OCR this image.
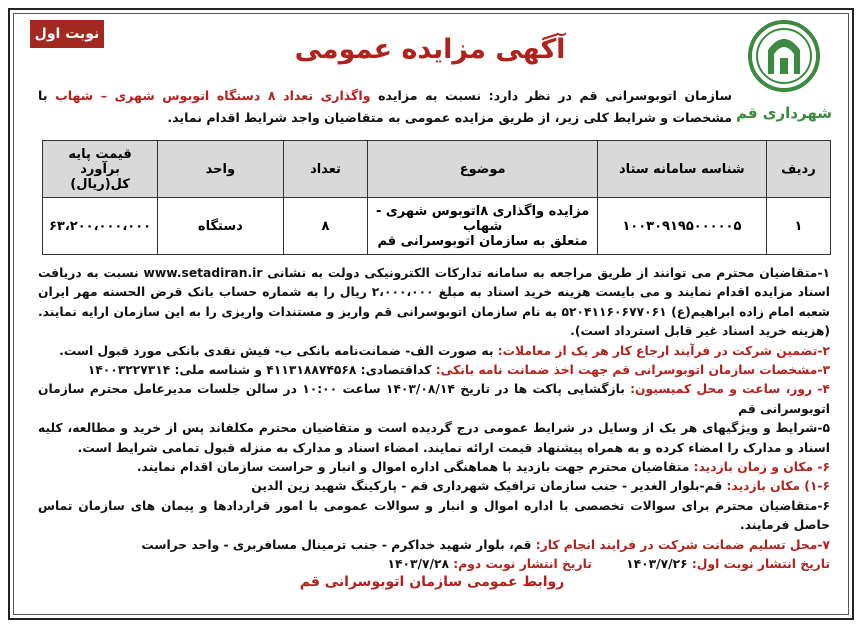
نوبت اول	آگهی مزایده عمومی
شهرداری قم
سازمان اتوبوسرانی قم در نظر دارد: نسبت به مزایده واگذاری تعداد ۸ دستگاه اتوبوس شهری – شهاب با مشخصات و شرایط کلی زیر، از طریق مزایده عمومی به متقاضیان واجد شرایط اقدام نماید.
ردیف	شناسه سامانه ستاد	موضوع	تعداد	واحد	قیمت پایه برآورد کل(ریال)
۱	۱۰۰۳۰۹۱۹۵۰۰۰۰۰۵	مزایده واگذاری ۸اتوبوس شهری - شهاب
متعلق به سازمان اتوبوسرانی قم	۸	دستگاه	۶۳،۲۰۰،۰۰۰،۰۰۰

۱-متقاضیان محترم می توانند از طریق مراجعه به سامانه تدارکات الکترونیکی دولت به نشانی www.setadiran.ir نسبت به دریافت اسناد مزایده اقدام نمایند و می بایست هزینه خرید اسناد به مبلغ ۲،۰۰۰،۰۰۰ ریال را به شماره حساب بانک قرض الحسنه مهر ایران شعبه امام زاده ابراهیم(ع) ۵۲۰۴۱۱۶۰۶۷۷۰۶۱ به نام سازمان اتوبوسرانی قم واریز و مستندات واریزی را به این سازمان ارایه نمایند.(هزینه خرید اسناد غیر قابل استرداد است).

۲-تضمین شرکت در فرآیند ارجاع کار هر یک از معاملات: به صورت الف- ضمانت‌نامه بانکی ب- فیش نقدی بانکی مورد قبول است.

۳-مشخصات سازمان اتوبوسرانی قم جهت اخذ ضمانت نامه بانکی: کداقتصادی: ۴۱۱۳۱۸۸۷۴۵۶۸ و شناسه ملی: ۱۴۰۰۳۲۲۷۳۱۴

۴- روز، ساعت و محل کمیسیون: بازگشایی پاکت ها در تاریخ ۱۴۰۳/۰۸/۱۴ ساعت ۱۰:۰۰ در سالن جلسات مدیرعامل محترم سازمان اتوبوسرانی قم

۵-شرایط و ویژگیهای هر یک از وسایل در شرایط عمومی درج گردیده است و متقاضیان محترم مکلفاند پس از خرید و مطالعه، کلیه اسناد و مدارک را امضاء کرده و به همراه پیشنهاد قیمت ارائه نمایند. امضاء اسناد و مدارک به منزله قبول تمامی شرایط است.

۶- مکان و زمان بازدید: متقاضیان محترم جهت بازدید با هماهنگی اداره اموال و انبار و حراست سازمان اقدام نمایند.

۱-۶) مکان بازدید: قم-بلوار الغدیر - جنب سازمان ترافیک شهرداری قم - پارکینگ شهید زین الدین

۶-متقاضیان محترم برای سوالات تخصصی با اداره اموال و انبار و سوالات عمومی با امور قراردادها و پیمان های سازمان تماس حاصل فرمایند.

۷-محل تسلیم ضمانت شرکت در فرایند انجام کار: قم، بلوار شهید خداکرم - جنب ترمینال مسافربری - واحد حراست

تاریخ انتشار نوبت اول: ۱۴۰۳/۷/۲۶        تاریخ انتشار نوبت دوم: ۱۴۰۳/۷/۲۸

روابط عمومی سازمان اتوبوسرانی قم
